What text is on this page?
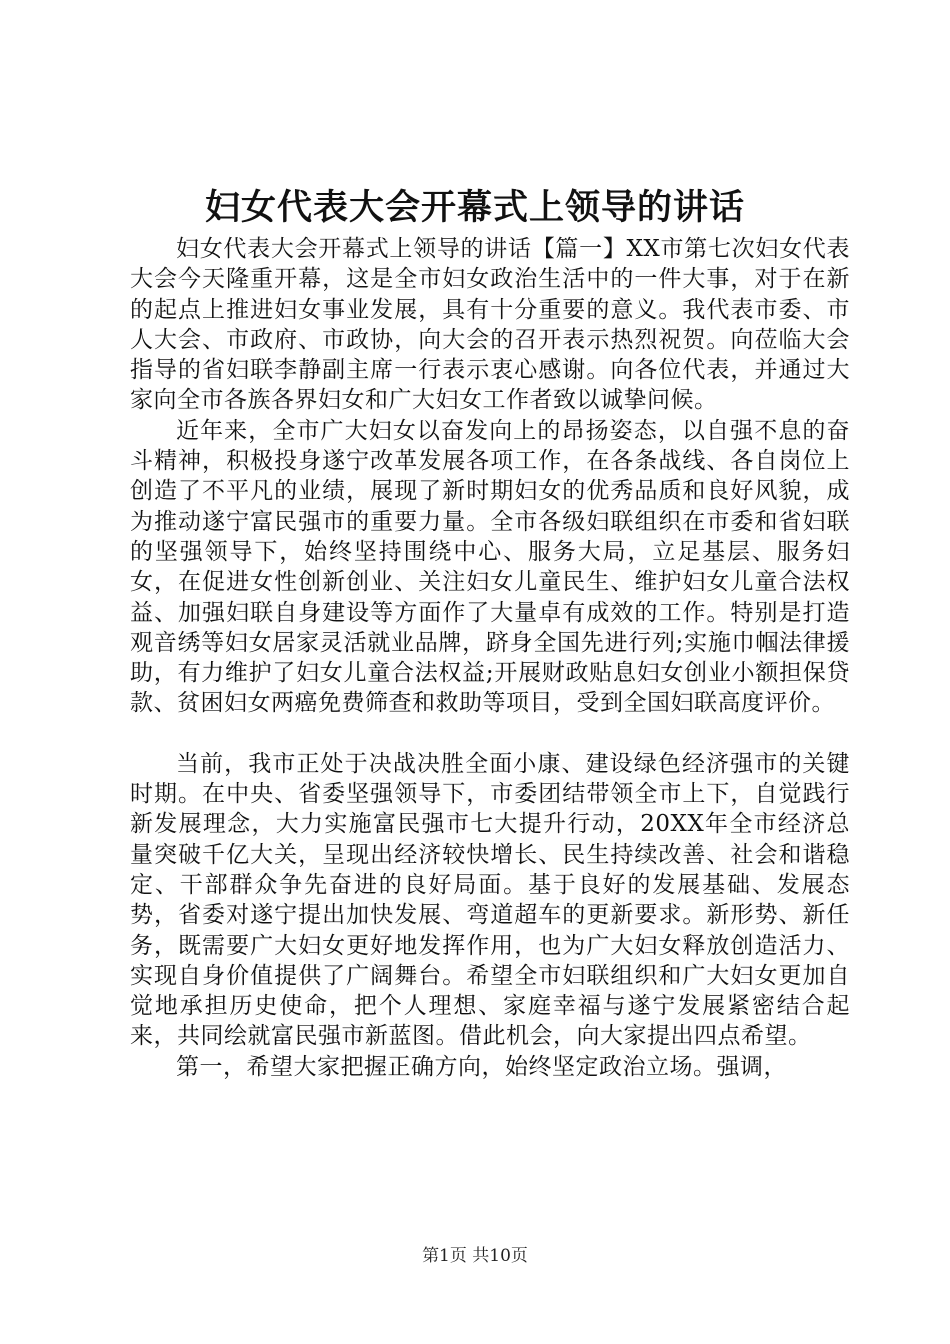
妇女代表大会开幕式上领导的讲话

妇女代表大会开幕式上领导的讲话【篇一】XX市第七次妇女代表大会今天隆重开幕，这是全市妇女政治生活中的一件大事，对于在新的起点上推进妇女事业发展，具有十分重要的意义。我代表市委、市人大会、市政府、市政协，向大会的召开表示热烈祝贺。向莅临大会指导的省妇联李静副主席一行表示衷心感谢。向各位代表，并通过大家向全市各族各界妇女和广大妇女工作者致以诚挚问候。

近年来，全市广大妇女以奋发向上的昂扬姿态，以自强不息的奋斗精神，积极投身遂宁改革发展各项工作，在各条战线、各自岗位上创造了不平凡的业绩，展现了新时期妇女的优秀品质和良好风貌，成为推动遂宁富民强市的重要力量。全市各级妇联组织在市委和省妇联的坚强领导下，始终坚持围绕中心、服务大局，立足基层、服务妇女，在促进女性创新创业、关注妇女儿童民生、维护妇女儿童合法权益、加强妇联自身建设等方面作了大量卓有成效的工作。特别是打造观音绣等妇女居家灵活就业品牌，跻身全国先进行列;实施巾帼法律援助，有力维护了妇女儿童合法权益;开展财政贴息妇女创业小额担保贷款、贫困妇女两癌免费筛查和救助等项目，受到全国妇联高度评价。

当前，我市正处于决战决胜全面小康、建设绿色经济强市的关键时期。在中央、省委坚强领导下，市委团结带领全市上下，自觉践行新发展理念，大力实施富民强市七大提升行动，20XX年全市经济总量突破千亿大关，呈现出经济较快增长、民生持续改善、社会和谐稳定、干部群众争先奋进的良好局面。基于良好的发展基础、发展态势，省委对遂宁提出加快发展、弯道超车的更新要求。新形势、新任务，既需要广大妇女更好地发挥作用，也为广大妇女释放创造活力、实现自身价值提供了广阔舞台。希望全市妇联组织和广大妇女更加自觉地承担历史使命，把个人理想、家庭幸福与遂宁发展紧密结合起来，共同绘就富民强市新蓝图。借此机会，向大家提出四点希望。

第一，希望大家把握正确方向，始终坚定政治立场。强调，

第1页 共10页
